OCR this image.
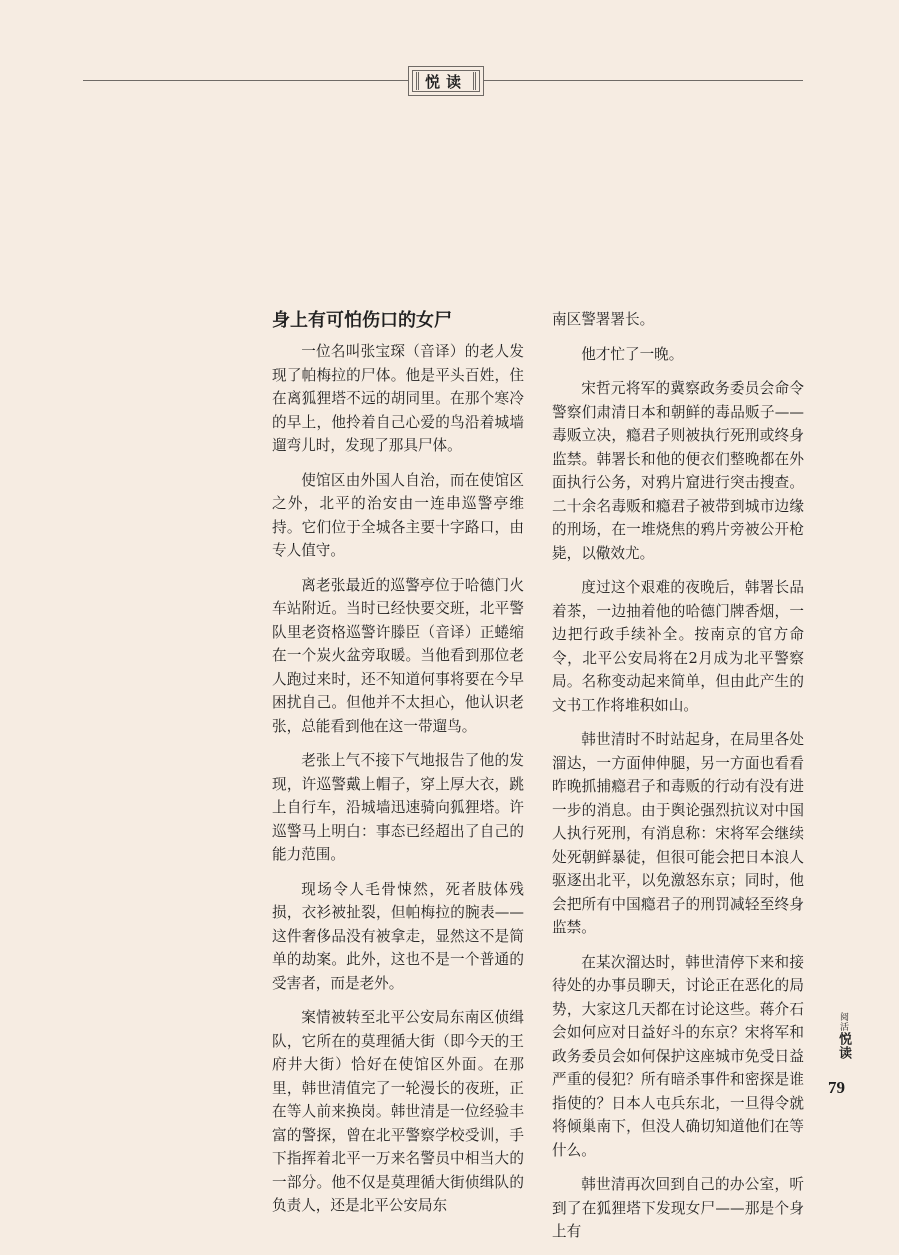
悦读
身上有可怕伤口的女尸

一位名叫张宝琛（音译）的老人发现了帕梅拉的尸体。他是平头百姓，住在离狐狸塔不远的胡同里。在那个寒冷的早上，他拎着自己心爱的鸟沿着城墙遛弯儿时，发现了那具尸体。

使馆区由外国人自治，而在使馆区之外，北平的治安由一连串巡警亭维持。它们位于全城各主要十字路口，由专人值守。

离老张最近的巡警亭位于哈德门火车站附近。当时已经快要交班，北平警队里老资格巡警许滕臣（音译）正蜷缩在一个炭火盆旁取暖。当他看到那位老人跑过来时，还不知道何事将要在今早困扰自己。但他并不太担心，他认识老张，总能看到他在这一带遛鸟。

老张上气不接下气地报告了他的发现，许巡警戴上帽子，穿上厚大衣，跳上自行车，沿城墙迅速骑向狐狸塔。许巡警马上明白：事态已经超出了自己的能力范围。

现场令人毛骨悚然，死者肢体残损，衣衫被扯裂，但帕梅拉的腕表——这件奢侈品没有被拿走，显然这不是简单的劫案。此外，这也不是一个普通的受害者，而是老外。

案情被转至北平公安局东南区侦缉队，它所在的莫理循大街（即今天的王府井大街）恰好在使馆区外面。在那里，韩世清值完了一轮漫长的夜班，正在等人前来换岗。韩世清是一位经验丰富的警探，曾在北平警察学校受训，手下指挥着北平一万来名警员中相当大的一部分。他不仅是莫理循大街侦缉队的负责人，还是北平公安局东

南区警署署长。

他才忙了一晚。

宋哲元将军的冀察政务委员会命令警察们肃清日本和朝鲜的毒品贩子——毒贩立决，瘾君子则被执行死刑或终身监禁。韩署长和他的便衣们整晚都在外面执行公务，对鸦片窟进行突击搜查。二十余名毒贩和瘾君子被带到城市边缘的刑场，在一堆烧焦的鸦片旁被公开枪毙，以儆效尤。

度过这个艰难的夜晚后，韩署长品着茶，一边抽着他的哈德门牌香烟，一边把行政手续补全。按南京的官方命令，北平公安局将在2月成为北平警察局。名称变动起来简单，但由此产生的文书工作将堆积如山。

韩世清时不时站起身，在局里各处溜达，一方面伸伸腿，另一方面也看看昨晚抓捕瘾君子和毒贩的行动有没有进一步的消息。由于舆论强烈抗议对中国人执行死刑，有消息称：宋将军会继续处死朝鲜暴徒，但很可能会把日本浪人驱逐出北平，以免激怒东京；同时，他会把所有中国瘾君子的刑罚减轻至终身监禁。

在某次溜达时，韩世清停下来和接待处的办事员聊天，讨论正在恶化的局势，大家这几天都在讨论这些。蒋介石会如何应对日益好斗的东京？宋将军和政务委员会如何保护这座城市免受日益严重的侵犯？所有暗杀事件和密探是谁指使的？日本人屯兵东北，一旦得令就将倾巢南下，但没人确切知道他们在等什么。

韩世清再次回到自己的办公室，听到了在狐狸塔下发现女尸——那是个身上有

阅活悦读
79
